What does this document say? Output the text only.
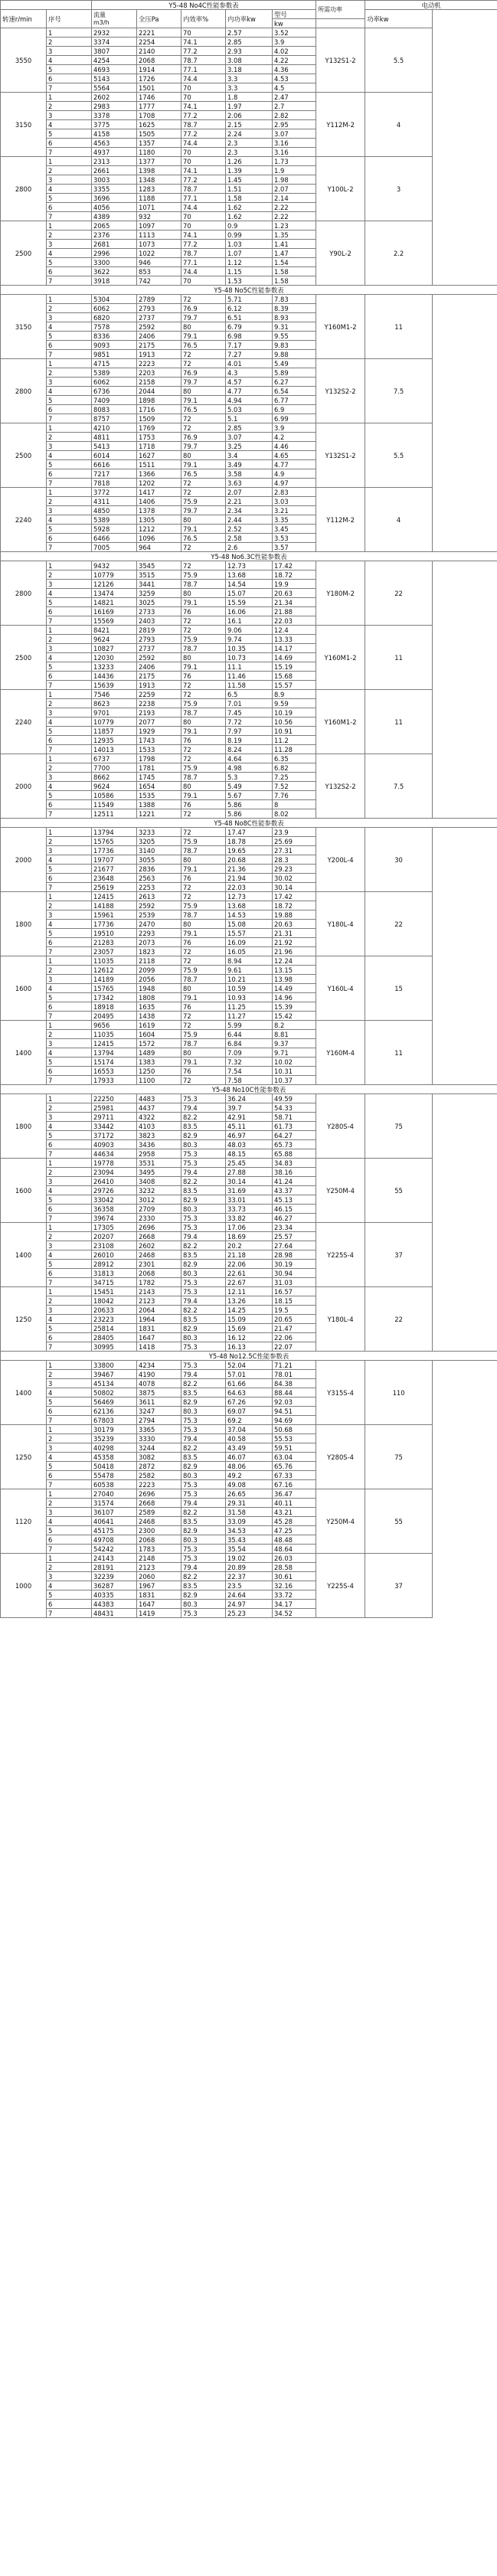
		Y5-48 No4C性能参数表					所需功率	电动机
转速r/min	序号	流量
m3/h	全压Pa	内效率%	内功率kw	型号		功率kw
						kw		
3550	1	2932	2221	70	2.57	3.52	Y132S1-2	5.5
	2	3374	2254	74.1	2.85	3.9		
	3	3807	2140	77.2	2.93	4.02		
	4	4254	2068	78.7	3.08	4.22		
	5	4693	1914	77.1	3.18	4.36		
	6	5143	1726	74.4	3.3	4.53		
	7	5564	1501	70	3.3	4.5		
3150	1	2602	1746	70	1.8	2.47	Y112M-2	4
	2	2983	1777	74.1	1.97	2.7		
	3	3378	1708	77.2	2.06	2.82		
	4	3775	1625	78.7	2.15	2.95		
	5	4158	1505	77.2	2.24	3.07		
	6	4563	1357	74.4	2.3	3.16		
	7	4937	1180	70	2.3	3.16		
2800	1	2313	1377	70	1.26	1.73	Y100L-2	3
	2	2661	1398	74.1	1.39	1.9		
	3	3003	1348	77.2	1.45	1.98		
	4	3355	1283	78.7	1.51	2.07		
	5	3696	1188	77.1	1.58	2.14		
	6	4056	1071	74.4	1.62	2.22		
	7	4389	932	70	1.62	2.22		
2500	1	2065	1097	70	0.9	1.23	Y90L-2	2.2
	2	2376	1113	74.1	0.99	1.35		
	3	2681	1073	77.2	1.03	1.41		
	4	2996	1022	78.7	1.07	1.47		
	5	3300	946	77.1	1.12	1.54		
	6	3622	853	74.4	1.15	1.58		
	7	3918	742	70	1.53	1.58		
Y5-48 No5C性能参数表								
3150	1	5304	2789	72	5.71	7.83	Y160M1-2	11
	2	6062	2793	76.9	6.12	8.39		
	3	6820	2737	79.7	6.51	8.93		
	4	7578	2592	80	6.79	9.31		
	5	8336	2406	79.1	6.98	9.55		
	6	9093	2175	76.5	7.17	9.83		
	7	9851	1913	72	7.27	9.88		
2800	1	4715	2223	72	4.01	5.49	Y132S2-2	7.5
	2	5389	2203	76.9	4.3	5.89		
	3	6062	2158	79.7	4.57	6.27		
	4	6736	2044	80	4.77	6.54		
	5	7409	1898	79.1	4.94	6.77		
	6	8083	1716	76.5	5.03	6.9		
	7	8757	1509	72	5.1	6.99		
2500	1	4210	1769	72	2.85	3.9	Y132S1-2	5.5
	2	4811	1753	76.9	3.07	4.2		
	3	5413	1718	79.7	3.25	4.46		
	4	6014	1627	80	3.4	4.65		
	5	6616	1511	79.1	3.49	4.77		
	6	7217	1366	76.5	3.58	4.9		
	7	7818	1202	72	3.63	4.97		
2240	1	3772	1417	72	2.07	2.83	Y112M-2	4
	2	4311	1406	75.9	2.21	3.03		
	3	4850	1378	79.7	2.34	3.21		
	4	5389	1305	80	2.44	3.35		
	5	5928	1212	79.1	2.52	3.45		
	6	6466	1096	76.5	2.58	3.53		
	7	7005	964	72	2.6	3.57		
Y5-48 No6.3C性能参数表								
2800	1	9432	3545	72	12.73	17.42	Y180M-2	22
	2	10779	3515	75.9	13.68	18.72		
	3	12126	3441	78.7	14.54	19.9		
	4	13474	3259	80	15.07	20.63		
	5	14821	3025	79.1	15.59	21.34		
	6	16169	2733	76	16.06	21.88		
	7	15569	2403	72	16.1	22.03		
2500	1	8421	2819	72	9.06	12.4	Y160M1-2	11
	2	9624	2793	75.9	9.74	13.33		
	3	10827	2737	78.7	10.35	14.17		
	4	12030	2592	80	10.73	14.69		
	5	13233	2406	79.1	11.1	15.19		
	6	14436	2175	76	11.46	15.68		
	7	15639	1913	72	11.58	15.57		
2240	1	7546	2259	72	6.5	8.9	Y160M1-2	11
	2	8623	2238	75.9	7.01	9.59		
	3	9701	2193	78.7	7.45	10.19		
	4	10779	2077	80	7.72	10.56		
	5	11857	1929	79.1	7.97	10.91		
	6	12935	1743	76	8.19	11.2		
	7	14013	1533	72	8.24	11.28		
2000	1	6737	1798	72	4.64	6.35	Y132S2-2	7.5
	2	7700	1781	75.9	4.98	6.82		
	3	8662	1745	78.7	5.3	7.25		
	4	9624	1654	80	5.49	7.52		
	5	10586	1535	79.1	5.67	7.76		
	6	11549	1388	76	5.86	8		
	7	12511	1221	72	5.86	8.02		
Y5-48 No8C性能参数表								
2000	1	13794	3233	72	17.47	23.9	Y200L-4	30
	2	15765	3205	75.9	18.78	25.69		
	3	17736	3140	78.7	19.65	27.31		
	4	19707	3055	80	20.68	28.3		
	5	21677	2836	79.1	21.36	29.23		
	6	23648	2563	76	21.94	30.02		
	7	25619	2253	72	22.03	30.14		
1800	1	12415	2613	72	12.73	17.42	Y180L-4	22
	2	14188	2592	75.9	13.68	18.72		
	3	15961	2539	78.7	14.53	19.88		
	4	17736	2470	80	15.08	20.63		
	5	19510	2293	79.1	15.57	21.31		
	6	21283	2073	76	16.09	21.92		
	7	23057	1823	72	16.05	21.96		
1600	1	11035	2118	72	8.94	12.24	Y160L-4	15
	2	12612	2099	75.9	9.61	13.15		
	3	14189	2056	78.7	10.21	13.98		
	4	15765	1948	80	10.59	14.49		
	5	17342	1808	79.1	10.93	14.96		
	6	18918	1635	76	11.25	15.39		
	7	20495	1438	72	11.27	15.42		
1400	1	9656	1619	72	5.99	8.2	Y160M-4	11
	2	11035	1604	75.9	6.44	8.81		
	3	12415	1572	78.7	6.84	9.37		
	4	13794	1489	80	7.09	9.71		
	5	15174	1383	79.1	7.32	10.02		
	6	16553	1250	76	7.54	10.31		
	7	17933	1100	72	7.58	10.37		
Y5-48 No10C性能参数表								
1800	1	22250	4483	75.3	36.24	49.59	Y280S-4	75
	2	25981	4437	79.4	39.7	54.33		
	3	29711	4322	82.2	42.91	58.71		
	4	33442	4103	83.5	45.11	61.73		
	5	37172	3823	82.9	46.97	64.27		
	6	40903	3436	80.3	48.03	65.73		
	7	44634	2958	75.3	48.15	65.88		
1600	1	19778	3531	75.3	25.45	34.83	Y250M-4	55
	2	23094	3495	79.4	27.88	38.16		
	3	26410	3408	82.2	30.14	41.24		
	4	29726	3232	83.5	31.69	43.37		
	5	33042	3012	82.9	33.01	45.13		
	6	36358	2709	80.3	33.73	46.15		
	7	39674	2330	75.3	33.82	46.27		
1400	1	17305	2696	75.3	17.06	23.34	Y225S-4	37
	2	20207	2668	79.4	18.69	25.57		
	3	23108	2602	82.2	20.2	27.64		
	4	26010	2468	83.5	21.18	28.98		
	5	28912	2301	82.9	22.06	30.19		
	6	31813	2068	80.3	22.61	30.94		
	7	34715	1782	75.3	22.67	31.03		
1250	1	15451	2143	75.3	12.11	16.57	Y180L-4	22
	2	18042	2123	79.4	13.26	18.15		
	3	20633	2064	82.2	14.25	19.5		
	4	23223	1964	83.5	15.09	20.65		
	5	25814	1831	82.9	15.69	21.47		
	6	28405	1647	80.3	16.12	22.06		
	7	30995	1418	75.3	16.13	22.07		
Y5-48 No12.5C性能参数表								
1400	1	33800	4234	75.3	52.04	71.21	Y315S-4	110
	2	39467	4190	79.4	57.01	78.01		
	3	45134	4078	82.2	61.66	84.38		
	4	50802	3875	83.5	64.63	88.44		
	5	56469	3611	82.9	67.26	92.03		
	6	62136	3247	80.3	69.07	94.51		
	7	67803	2794	75.3	69.2	94.69		
1250	1	30179	3365	75.3	37.04	50.68	Y280S-4	75
	2	35239	3330	79.4	40.58	55.53		
	3	40298	3244	82.2	43.49	59.51		
	4	45358	3082	83.5	46.07	63.04		
	5	50418	2872	82.9	48.06	65.76		
	6	55478	2582	80.3	49.2	67.33		
	7	60538	2223	75.3	49.08	67.16		
1120	1	27040	2696	75.3	26.65	36.47	Y250M-4	55
	2	31574	2668	79.4	29.31	40.11		
	3	36107	2589	82.2	31.58	43.21		
	4	40641	2468	83.5	33.09	45.28		
	5	45175	2300	82.9	34.53	47.25		
	6	49708	2068	80.3	35.43	48.48		
	7	54242	1783	75.3	35.54	48.64		
1000	1	24143	2148	75.3	19.02	26.03	Y225S-4	37
	2	28191	2123	79.4	20.89	28.58		
	3	32239	2060	82.2	22.37	30.61		
	4	36287	1967	83.5	23.5	32.16		
	5	40335	1831	82.9	24.64	33.72		
	6	44383	1647	80.3	24.97	34.17		
	7	48431	1419	75.3	25.23	34.52		
